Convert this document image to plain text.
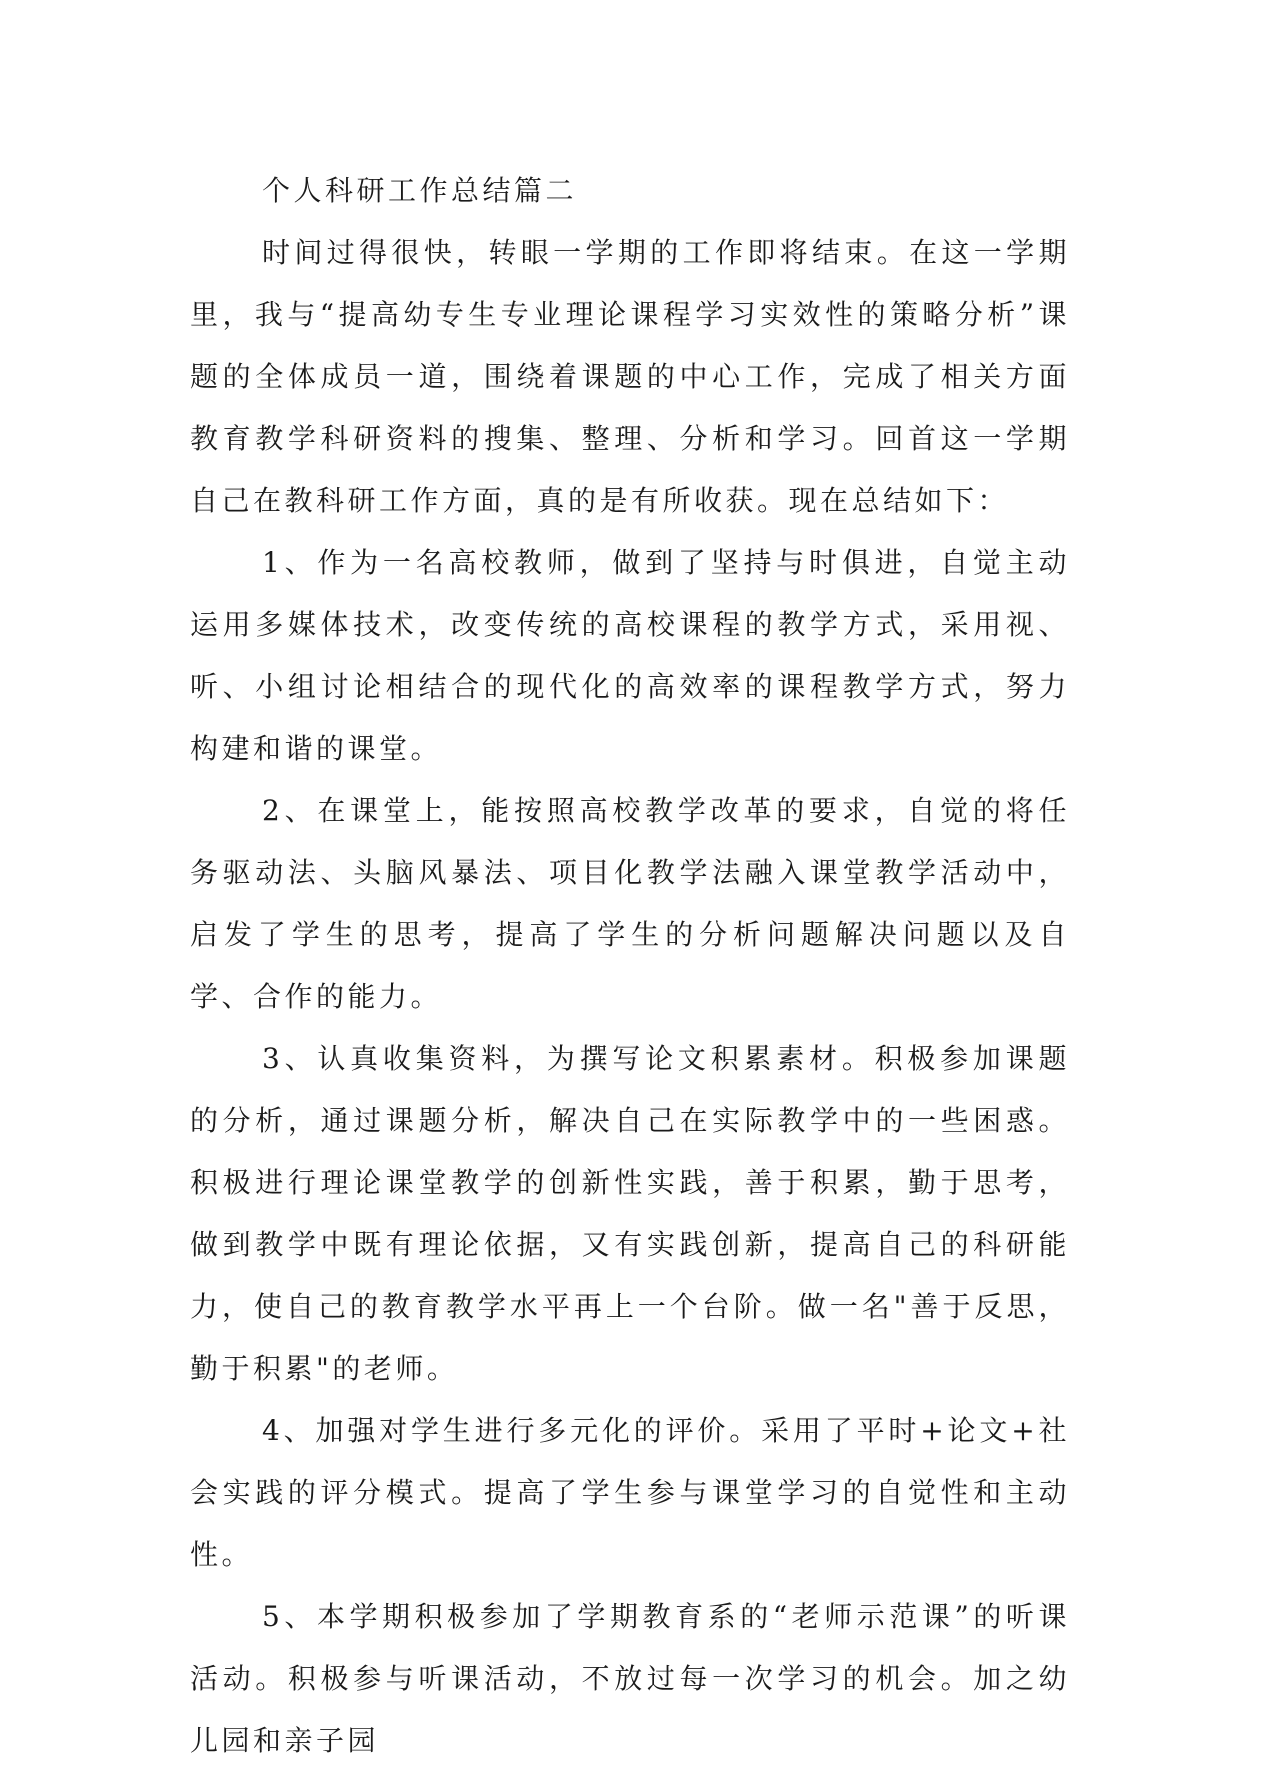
个人科研工作总结篇二

时间过得很快，转眼一学期的工作即将结束。在这一学期里，我与“提高幼专生专业理论课程学习实效性的策略分析”课题的全体成员一道，围绕着课题的中心工作，完成了相关方面教育教学科研资料的搜集、整理、分析和学习。回首这一学期自己在教科研工作方面，真的是有所收获。现在总结如下：

1、作为一名高校教师，做到了坚持与时俱进，自觉主动运用多媒体技术，改变传统的高校课程的教学方式，采用视、听、小组讨论相结合的现代化的高效率的课程教学方式，努力构建和谐的课堂。

2、在课堂上，能按照高校教学改革的要求，自觉的将任务驱动法、头脑风暴法、项目化教学法融入课堂教学活动中，启发了学生的思考，提高了学生的分析问题解决问题以及自学、合作的能力。

3、认真收集资料，为撰写论文积累素材。积极参加课题的分析，通过课题分析，解决自己在实际教学中的一些困惑。积极进行理论课堂教学的创新性实践，善于积累，勤于思考，做到教学中既有理论依据，又有实践创新，提高自己的科研能力，使自己的教育教学水平再上一个台阶。做一名"善于反思，勤于积累"的老师。

4、加强对学生进行多元化的评价。采用了平时+论文+社会实践的评分模式。提高了学生参与课堂学习的自觉性和主动性。

5、本学期积极参加了学期教育系的“老师示范课”的听课活动。积极参与听课活动，不放过每一次学习的机会。加之幼儿园和亲子园
